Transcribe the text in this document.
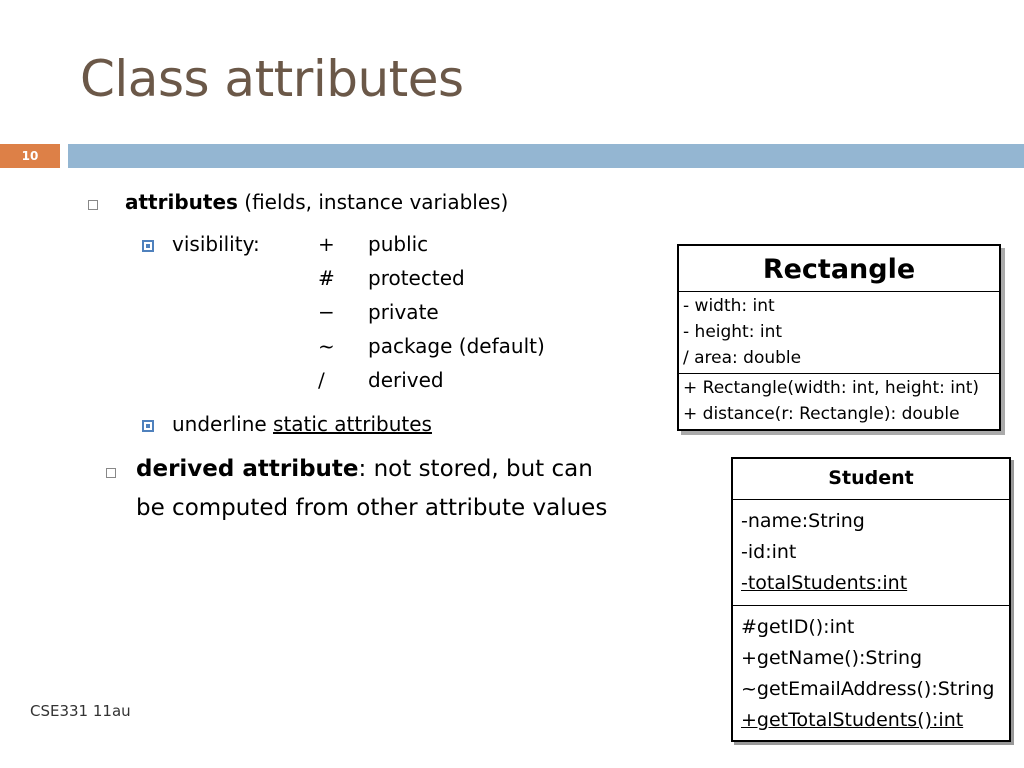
Class attributes
10
attributes (fields, instance variables)
visibility:	+ public
# protected
− private
~ package (default)
/ derived
underline static attributes
derived attribute: not stored, but can
be computed from other attribute values
Rectangle
- width: int
- height: int
/ area: double
+ Rectangle(width: int, height: int)
+ distance(r: Rectangle): double
Student
-name:String
-id:int
-totalStudents:int
#getID():int
+getName():String
~getEmailAddress():String
+getTotalStudents():int
CSE331 11au
